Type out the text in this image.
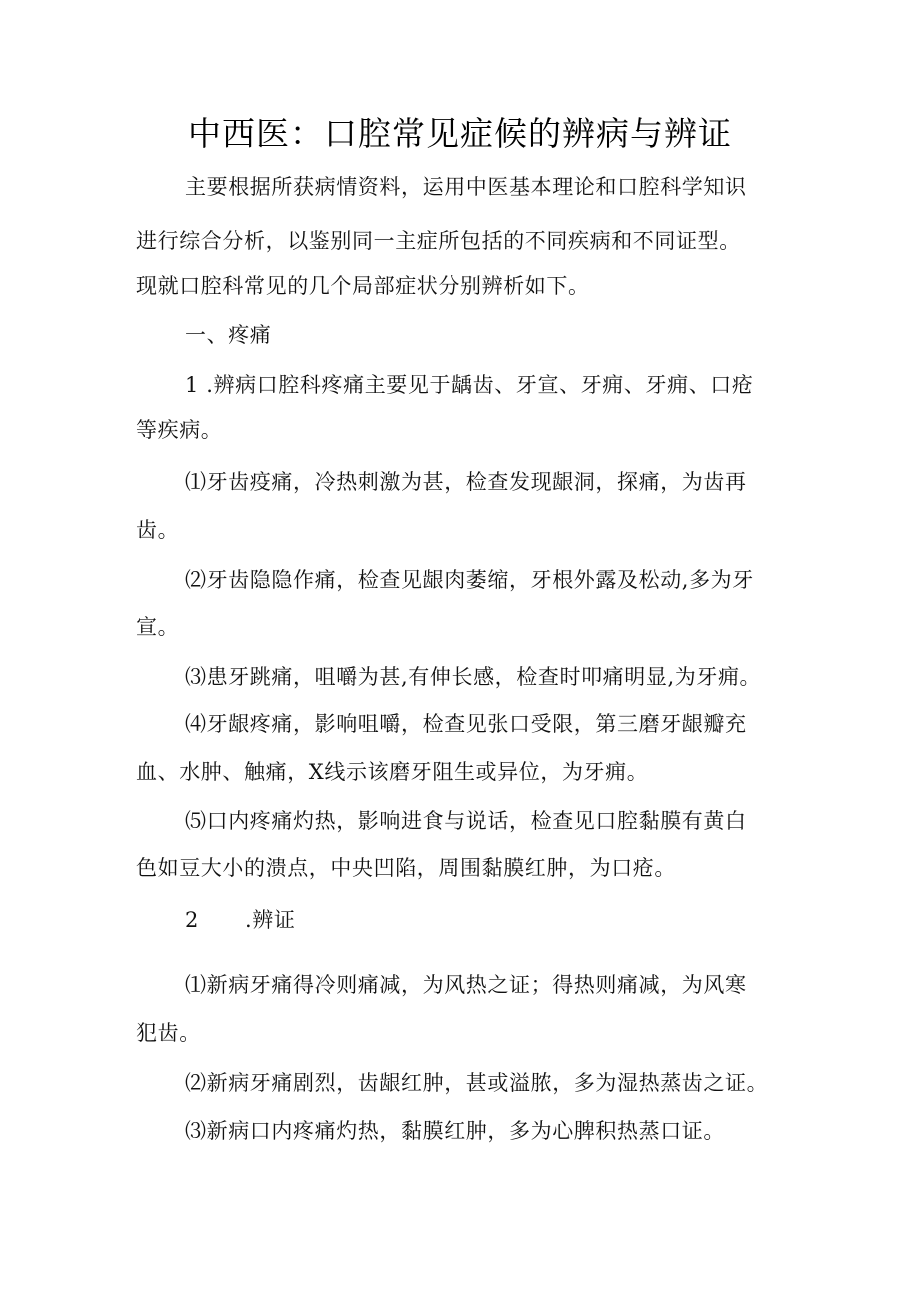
中西医：口腔常见症候的辨病与辨证
主要根据所获病情资料，运用中医基本理论和口腔科学知识
进行综合分析，以鉴别同一主症所包括的不同疾病和不同证型。
现就口腔科常见的几个局部症状分别辨析如下。
一、疼痛
1 .辨病口腔科疼痛主要见于龋齿、牙宣、牙痈、牙痈、口疮
等疾病。
⑴牙齿疫痛，冷热刺激为甚，检查发现龈洞，探痛，为齿再
齿。
⑵牙齿隐隐作痛，检查见龈肉萎缩，牙根外露及松动,多为牙
宣。
⑶患牙跳痛，咀嚼为甚,有伸长感，检查时叩痛明显,为牙痈。
⑷牙龈疼痛，影响咀嚼，检查见张口受限，第三磨牙龈瓣充
血、水肿、触痛，X线示该磨牙阻生或异位，为牙痈。
⑸口内疼痛灼热，影响进食与说话，检查见口腔黏膜有黄白
色如豆大小的溃点，中央凹陷，周围黏膜红肿，为口疮。
2 .辨证
⑴新病牙痛得冷则痛减，为风热之证；得热则痛减，为风寒
犯齿。
⑵新病牙痛剧烈，齿龈红肿，甚或溢脓，多为湿热蒸齿之证。
⑶新病口内疼痛灼热，黏膜红肿，多为心脾积热蒸口证。
